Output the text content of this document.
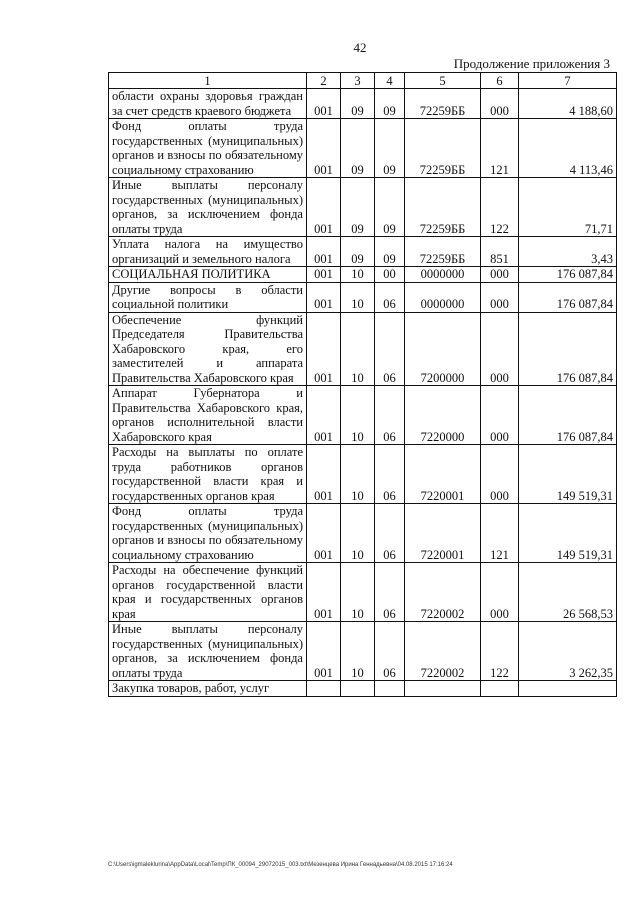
42
Продолжение приложения 3
1	2	3	4	5	6	7
области охраны здоровья граждан за счет средств краевого бюджета	001	09	09	72259ББ	000	4 188,60
Фонд оплаты труда государственных (муниципальных) органов и взносы по обязательному социальному страхованию	001	09	09	72259ББ	121	4 113,46
Иные выплаты персоналу государственных (муниципальных) органов, за исключением фонда оплаты труда	001	09	09	72259ББ	122	71,71
Уплата налога на имущество организаций и земельного налога	001	09	09	72259ББ	851	3,43
СОЦИАЛЬНАЯ ПОЛИТИКА	001	10	00	0000000	000	176 087,84
Другие вопросы в области социальной политики	001	10	06	0000000	000	176 087,84
Обеспечение функций Председателя Правительства Хабаровского края, его заместителей и аппарата Правительства Хабаровского края	001	10	06	7200000	000	176 087,84
Аппарат Губернатора и Правительства Хабаровского края, органов исполнительной власти Хабаровского края	001	10	06	7220000	000	176 087,84
Расходы на выплаты по оплате труда работников органов государственной власти края и государственных органов края	001	10	06	7220001	000	149 519,31
Фонд оплаты труда государственных (муниципальных) органов и взносы по обязательному социальному страхованию	001	10	06	7220001	121	149 519,31
Расходы на обеспечение функций органов государственной власти края и государственных органов края	001	10	06	7220002	000	26 568,53
Иные выплаты персоналу государственных (муниципальных) органов, за исключением фонда оплаты труда	001	10	06	7220002	122	3 262,35
Закупка товаров, работ, услуг						
C:\Users\igmaleklurina\AppData\Local\Temp\ПК_00094_29072015_003.txt\Мезенцева Ирина Геннадьевна\04.08.2015 17:16:24
